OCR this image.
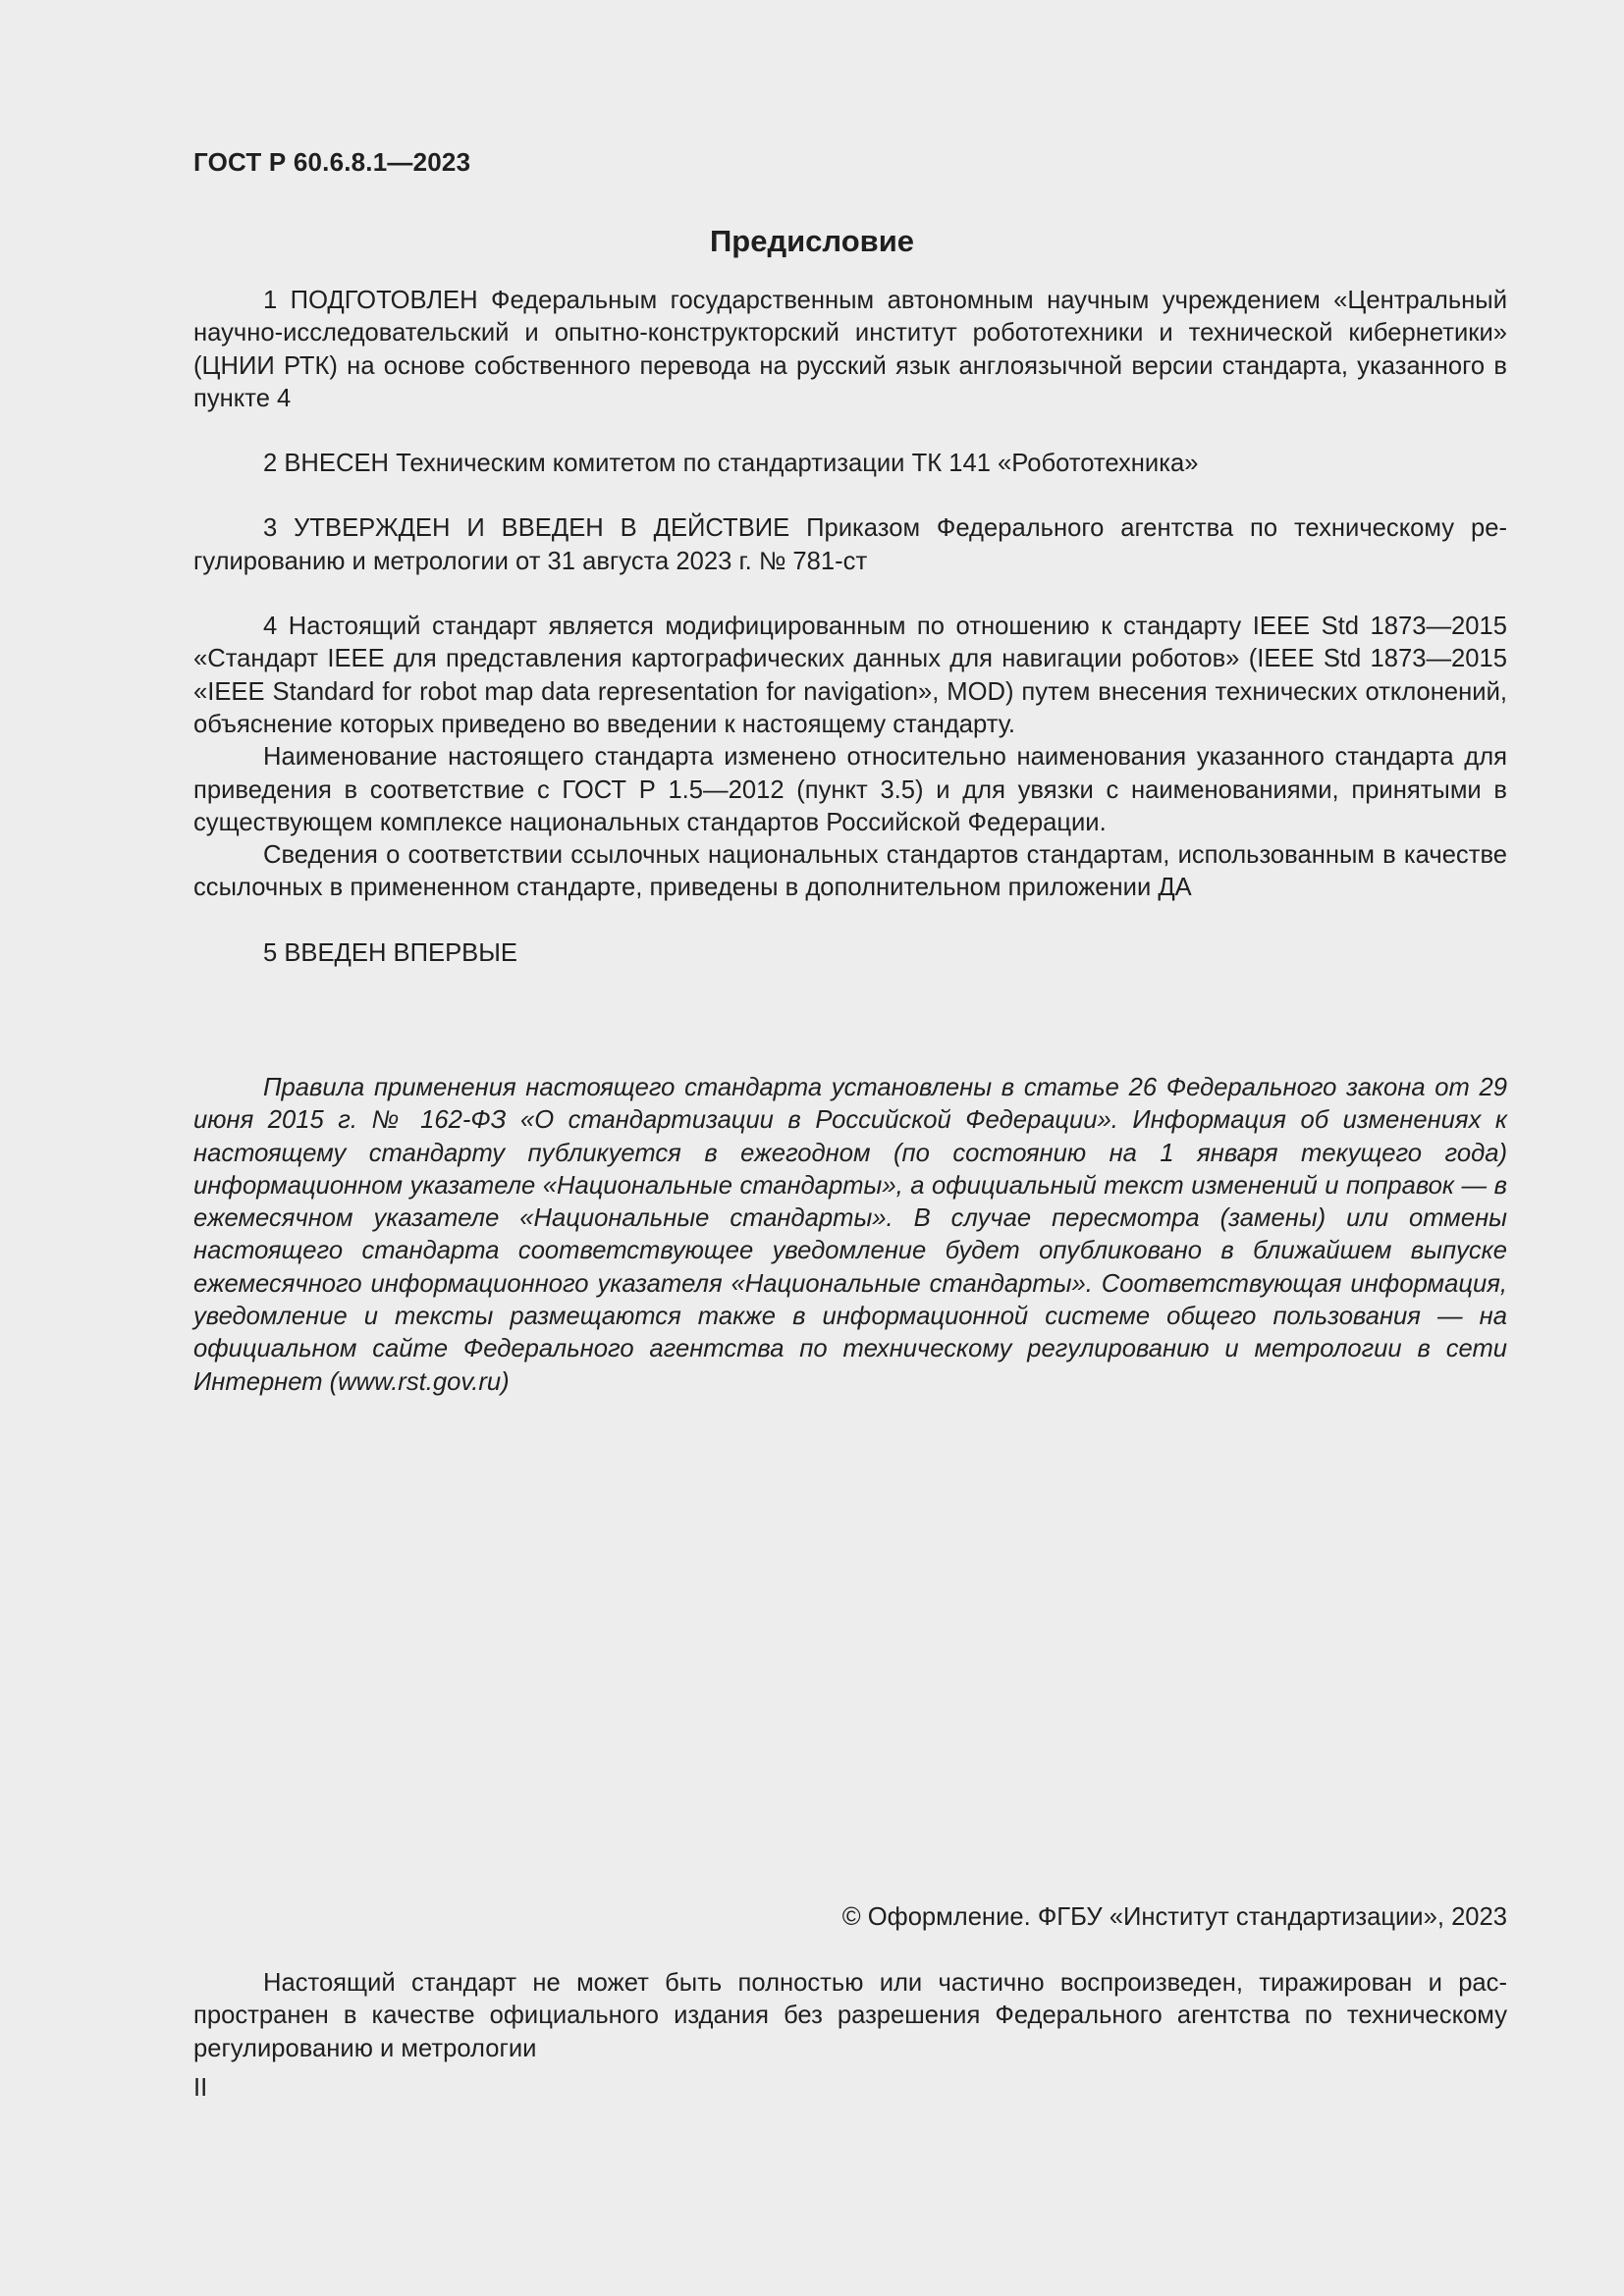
ГОСТ Р 60.6.8.1—2023
Предисловие

1 ПОДГОТОВЛЕН Федеральным государственным автономным научным учреждением «Центральный научно-исследовательский и опытно-конструкторский институт робототехники и технической кибернетики» (ЦНИИ РТК) на основе собственного перевода на русский язык англоязычной версии стандарта, указанного в пункте 4

2 ВНЕСЕН Техническим комитетом по стандартизации ТК 141 «Робототехника»

3 УТВЕРЖДЕН И ВВЕДЕН В ДЕЙСТВИЕ Приказом Федерального агентства по техническому регулированию и метрологии от 31 августа 2023 г. № 781-ст

4 Настоящий стандарт является модифицированным по отношению к стандарту IEEE Std 1873—2015 «Стандарт IEEE для представления картографических данных для навигации роботов» (IEEE Std 1873—2015 «IEEE Standard for robot map data representation for navigation», MOD) путем внесения технических отклонений, объяснение которых приведено во введении к настоящему стандарту.

Наименование настоящего стандарта изменено относительно наименования указанного стандарта для приведения в соответствие с ГОСТ Р 1.5—2012 (пункт 3.5) и для увязки с наименованиями, принятыми в существующем комплексе национальных стандартов Российской Федерации.

Сведения о соответствии ссылочных национальных стандартов стандартам, использованным в качестве ссылочных в примененном стандарте, приведены в дополнительном приложении ДА

5 ВВЕДЕН ВПЕРВЫЕ

Правила применения настоящего стандарта установлены в статье 26 Федерального закона от 29 июня 2015 г. № 162-ФЗ «О стандартизации в Российской Федерации». Информация об изменениях к настоящему стандарту публикуется в ежегодном (по состоянию на 1 января текущего года) информационном указателе «Национальные стандарты», а официальный текст изменений и поправок — в ежемесячном указателе «Национальные стандарты». В случае пересмотра (замены) или отмены настоящего стандарта соответствующее уведомление будет опубликовано в ближайшем выпуске ежемесячного информационного указателя «Национальные стандарты». Соответствующая информация, уведомление и тексты размещаются также в информационной системе общего пользования — на официальном сайте Федерального агентства по техническому регулированию и метрологии в сети Интернет (www.rst.gov.ru)

© Оформление. ФГБУ «Институт стандартизации», 2023

Настоящий стандарт не может быть полностью или частично воспроизведен, тиражирован и распространен в качестве официального издания без разрешения Федерального агентства по техническому регулированию и метрологии

II
